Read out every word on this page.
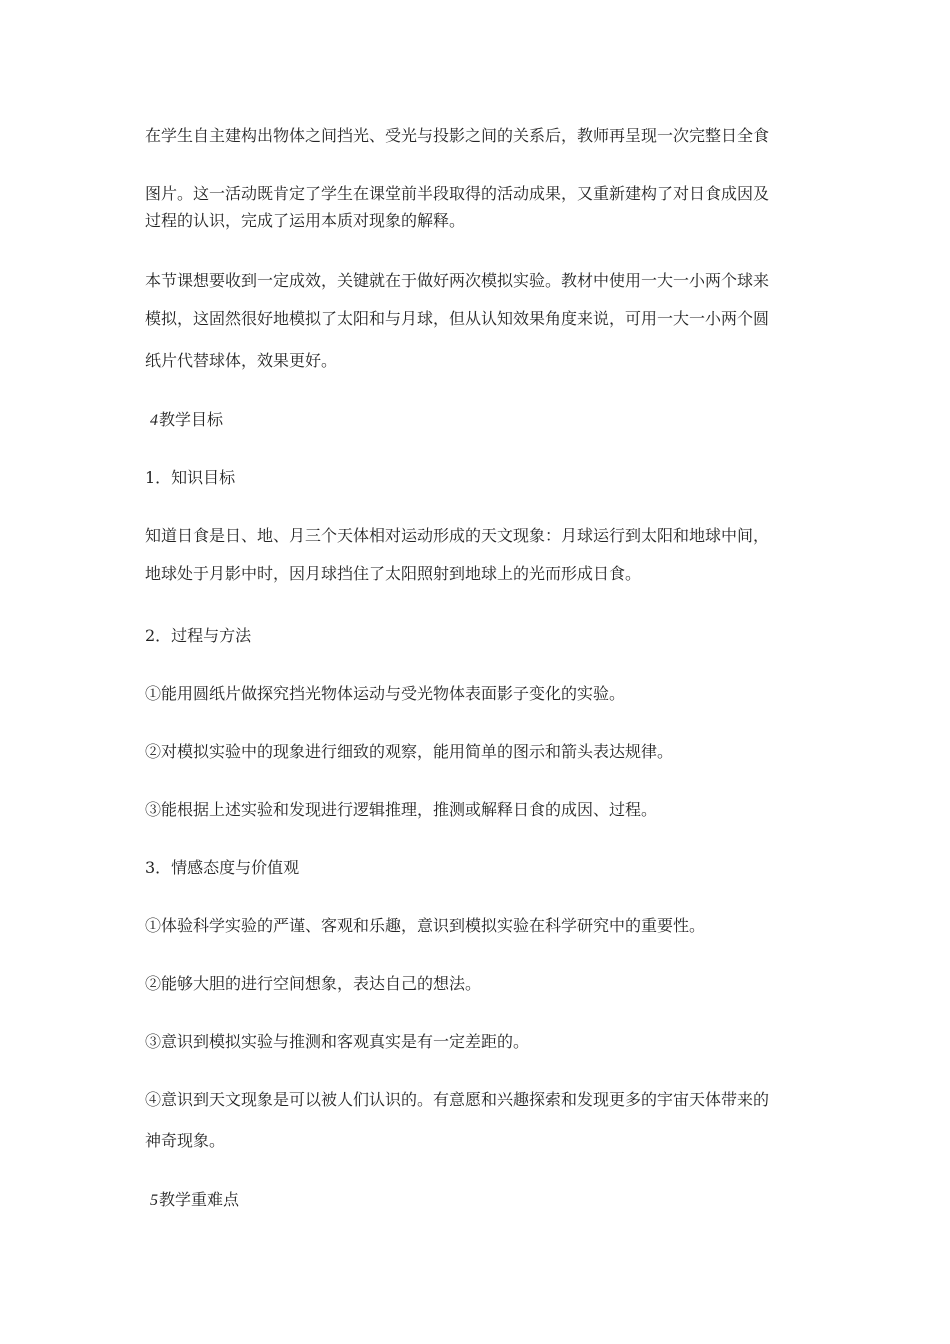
在学生自主建构出物体之间挡光、受光与投影之间的关系后，教师再呈现一次完整日全食
图片。这一活动既肯定了学生在课堂前半段取得的活动成果，又重新建构了对日食成因及
过程的认识，完成了运用本质对现象的解释。
本节课想要收到一定成效，关键就在于做好两次模拟实验。教材中使用一大一小两个球来
模拟，这固然很好地模拟了太阳和与月球，但从认知效果角度来说，可用一大一小两个圆
纸片代替球体，效果更好。
4教学目标
1．知识目标
知道日食是日、地、月三个天体相对运动形成的天文现象：月球运行到太阳和地球中间，
地球处于月影中时，因月球挡住了太阳照射到地球上的光而形成日食。
2．过程与方法
①能用圆纸片做探究挡光物体运动与受光物体表面影子变化的实验。
②对模拟实验中的现象进行细致的观察，能用简单的图示和箭头表达规律。
③能根据上述实验和发现进行逻辑推理，推测或解释日食的成因、过程。
3．情感态度与价值观
①体验科学实验的严谨、客观和乐趣，意识到模拟实验在科学研究中的重要性。
②能够大胆的进行空间想象，表达自己的想法。
③意识到模拟实验与推测和客观真实是有一定差距的。
④意识到天文现象是可以被人们认识的。有意愿和兴趣探索和发现更多的宇宙天体带来的
神奇现象。
5教学重难点
